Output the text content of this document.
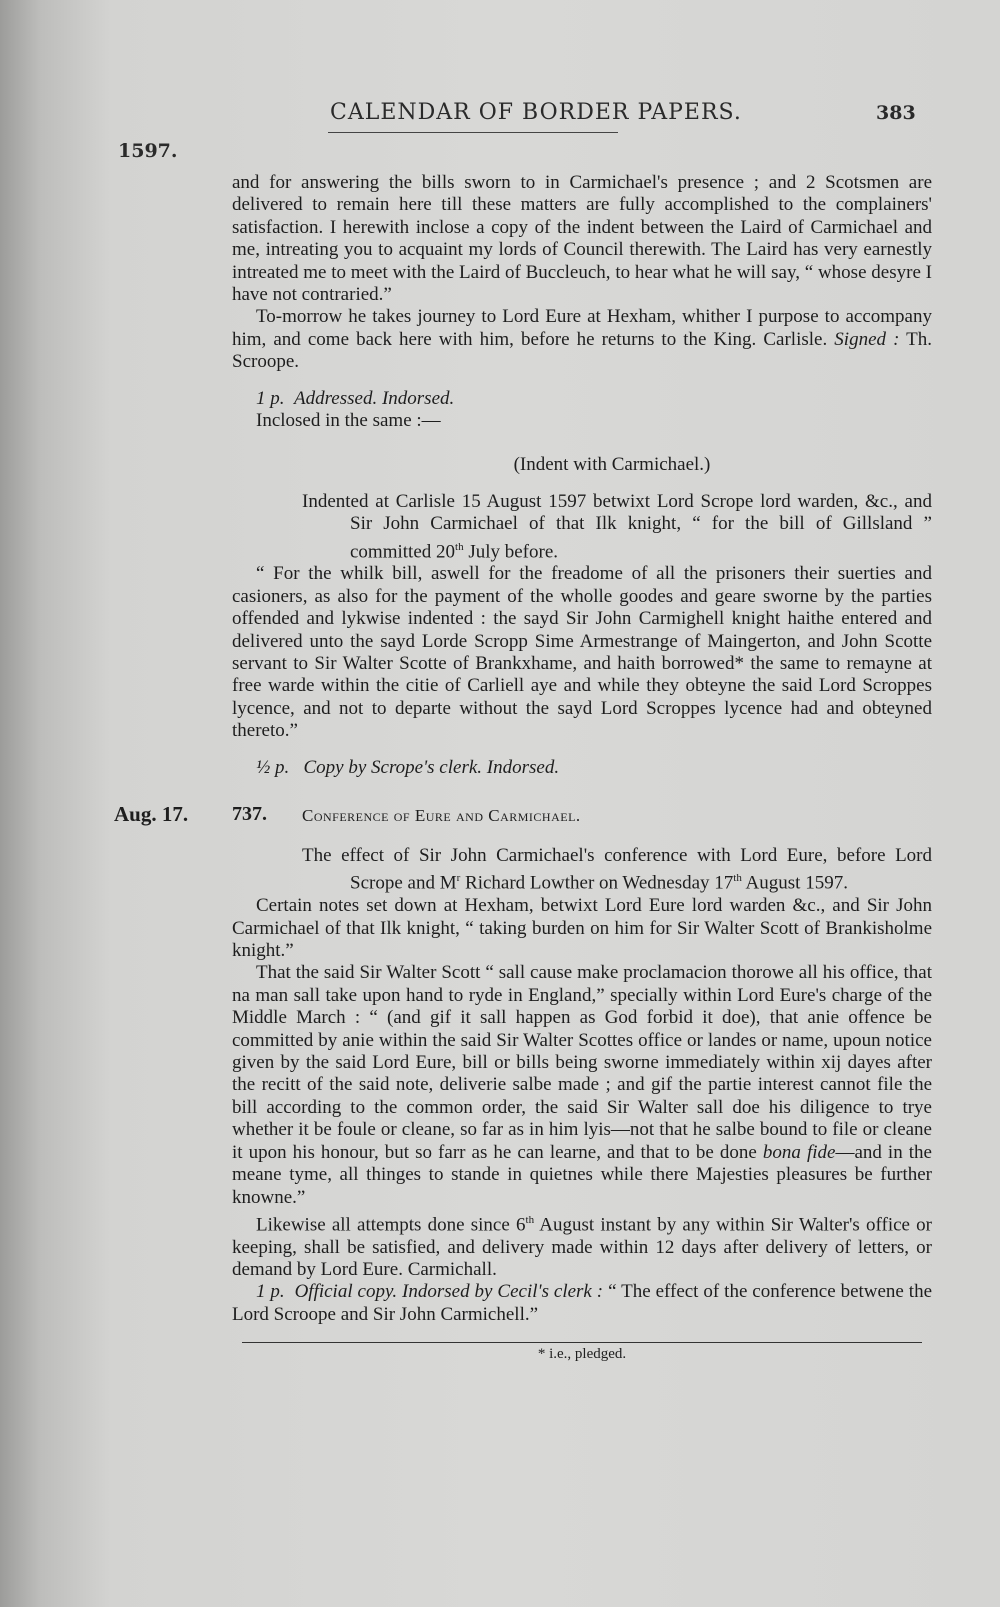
CALENDAR OF BORDER PAPERS.	383
1597.

and for answering the bills sworn to in Carmichael's presence ; and 2 Scotsmen are delivered to remain here till these matters are fully accomplished to the complainers' satisfaction. I herewith inclose a copy of the indent between the Laird of Carmichael and me, intreating you to acquaint my lords of Council therewith. The Laird has very earnestly intreated me to meet with the Laird of Buccleuch, to hear what he will say, “ whose desyre I have not contraried.”

To-morrow he takes journey to Lord Eure at Hexham, whither I purpose to accompany him, and come back here with him, before he returns to the King. Carlisle. Signed : Th. Scroope.

1 p. Addressed. Indorsed.

Inclosed in the same :—

(Indent with Carmichael.)

Indented at Carlisle 15 August 1597 betwixt Lord Scrope lord warden, &c., and Sir John Carmichael of that Ilk knight, “ for the bill of Gillsland ” committed 20th July before.

“ For the whilk bill, aswell for the freadome of all the prisoners their suerties and casioners, as also for the payment of the wholle goodes and geare sworne by the parties offended and lykwise indented : the sayd Sir John Carmighell knight haithe entered and delivered unto the sayd Lorde Scropp Sime Armestrange of Maingerton, and John Scotte servant to Sir Walter Scotte of Brankxhame, and haith borrowed* the same to remayne at free warde within the citie of Carliell aye and while they obteyne the said Lord Scroppes lycence, and not to departe without the sayd Lord Scroppes lycence had and obteyned thereto.”

½ p. Copy by Scrope's clerk. Indorsed.

Aug. 17. 737. Conference of Eure and Carmichael.

The effect of Sir John Carmichael's conference with Lord Eure, before Lord Scrope and $M^r$ Richard Lowther on Wednesday 17th August 1597.

Certain notes set down at Hexham, betwixt Lord Eure lord warden &c., and Sir John Carmichael of that Ilk knight, “ taking burden on him for Sir Walter Scott of Brankisholme knight.”

That the said Sir Walter Scott “ sall cause make proclamacion thorowe all his office, that na man sall take upon hand to ryde in England,” specially within Lord Eure's charge of the Middle March : “ (and gif it sall happen as God forbid it doe), that anie offence be committed by anie within the said Sir Walter Scottes office or landes or name, upoun notice given by the said Lord Eure, bill or bills being sworne immediately within xij dayes after the recitt of the said note, deliverie salbe made ; and gif the partie interest cannot file the bill according to the common order, the said Sir Walter sall doe his diligence to trye whether it be foule or cleane, so far as in him lyis—not that he salbe bound to file or cleane it upon his honour, but so farr as he can learne, and that to be done bona fide—and in the meane tyme, all thinges to stande in quietnes while there Majesties pleasures be further knowne.”

Likewise all attempts done since 6th August instant by any within Sir Walter's office or keeping, shall be satisfied, and delivery made within 12 days after delivery of letters, or demand by Lord Eure. Carmichall.

1 p. Official copy. Indorsed by Cecil's clerk : “ The effect of the conference betwene the Lord Scroope and Sir John Carmichell.”

* i.e., pledged.
